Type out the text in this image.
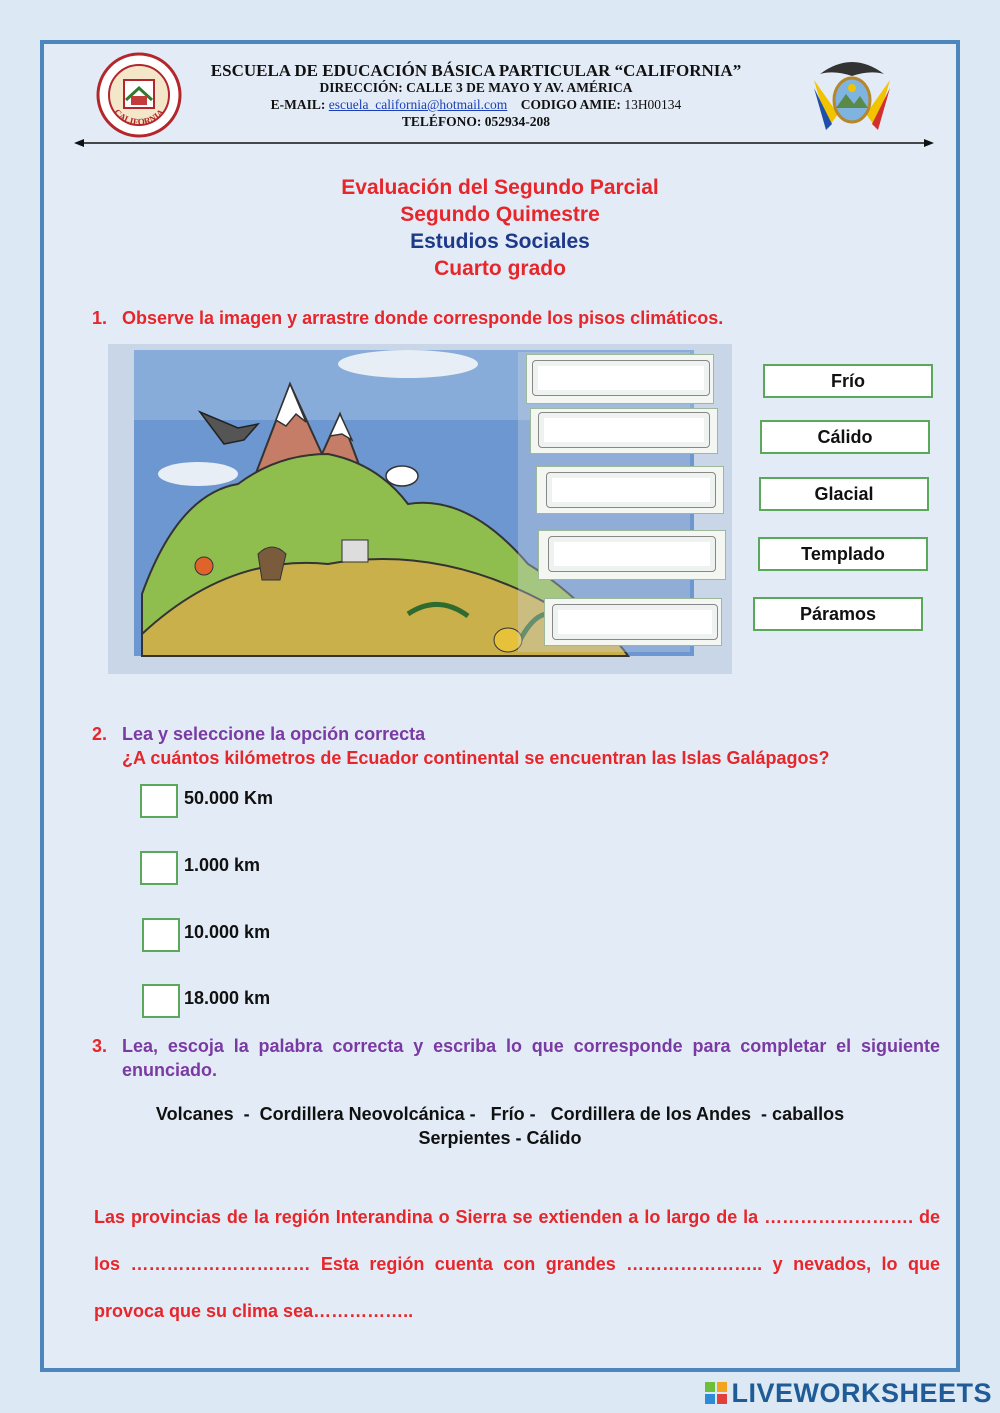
CALIFORNIA
ESCUELA DE EDUCACIÓN BÁSICA PARTICULAR “CALIFORNIA”
DIRECCIÓN: CALLE 3 DE MAYO Y AV. AMÉRICA
E-MAIL: escuela_california@hotmail.com CODIGO AMIE: 13H00134
TELÉFONO: 052934-208
Evaluación del Segundo Parcial
Segundo Quimestre
Estudios Sociales
Cuarto grado
1. Observe la imagen y arrastre donde corresponde los pisos climáticos.
Frío
Cálido
Glacial
Templado
Páramos
2. Lea y seleccione la opción correcta
¿A cuántos kilómetros de Ecuador continental se encuentran las Islas Galápagos?
50.000 Km
1.000 km
10.000 km
18.000 km
3. Lea, escoja la palabra correcta y escriba lo que corresponde para completar el siguiente enunciado.
Volcanes  -  Cordillera Neovolcánica -   Frío -   Cordillera de los Andes  - caballos
Serpientes - Cálido
Las provincias de la región Interandina o Sierra se extienden a lo largo de la ……………………. de los ………………………… Esta región cuenta con grandes ………………….. y nevados, lo que provoca que su clima sea……………..
LIVEWORKSHEETS
